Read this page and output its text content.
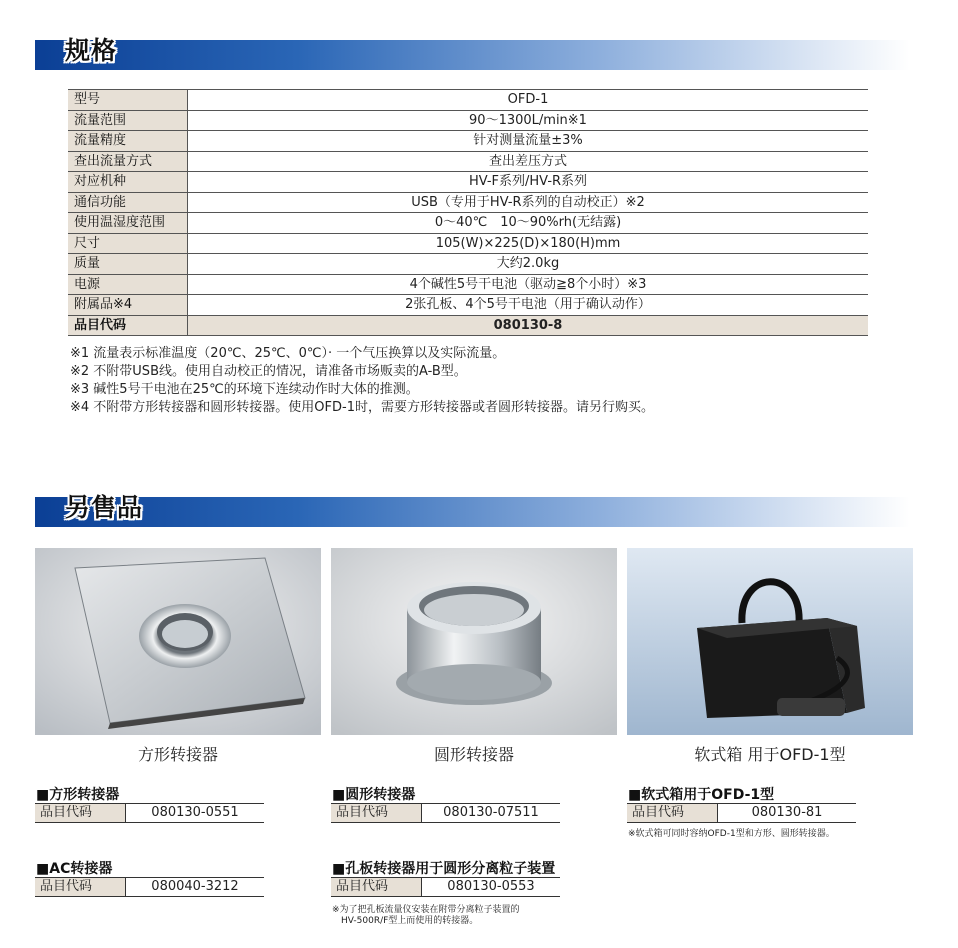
规格
型号	OFD-1
流量范围	90～1300L/min※1
流量精度	针对测量流量±3%
查出流量方式	查出差压方式
对应机种	HV-F系列/HV-R系列
通信功能	USB（专用于HV-R系列的自动校正）※2
使用温湿度范围	0～40℃　10～90%rh(无结露)
尺寸	105(W)×225(D)×180(H)mm
质量	大约2.0kg
电源	4个碱性5号干电池（驱动≧8个小时）※3
附属品※4	2张孔板、4个5号干电池（用于确认动作）
品目代码	080130-8
※1 流量表示标准温度（20℃、25℃、0℃）· 一个气压换算以及实际流量。
※2 不附带USB线。使用自动校正的情况，请准备市场贩卖的A-B型。
※3 碱性5号干电池在25℃的环境下连续动作时大体的推测。
※4 不附带方形转接器和圆形转接器。使用OFD-1时，需要方形转接器或者圆形转接器。请另行购买。
另售品
方形转接器	圆形转接器	软式箱 用于OFD-1型
■方形转接器
品目代码	080130-0551
■圆形转接器
品目代码	080130-07511
■软式箱用于OFD-1型
品目代码	080130-81
※软式箱可同时容纳OFD-1型和方形、圆形转接器。
■AC转接器
品目代码	080040-3212
■孔板转接器用于圆形分离粒子装置
品目代码	080130-0553
※为了把孔板流量仪安装在附带分离粒子装置的
HV-500R/F型上而使用的转接器。
